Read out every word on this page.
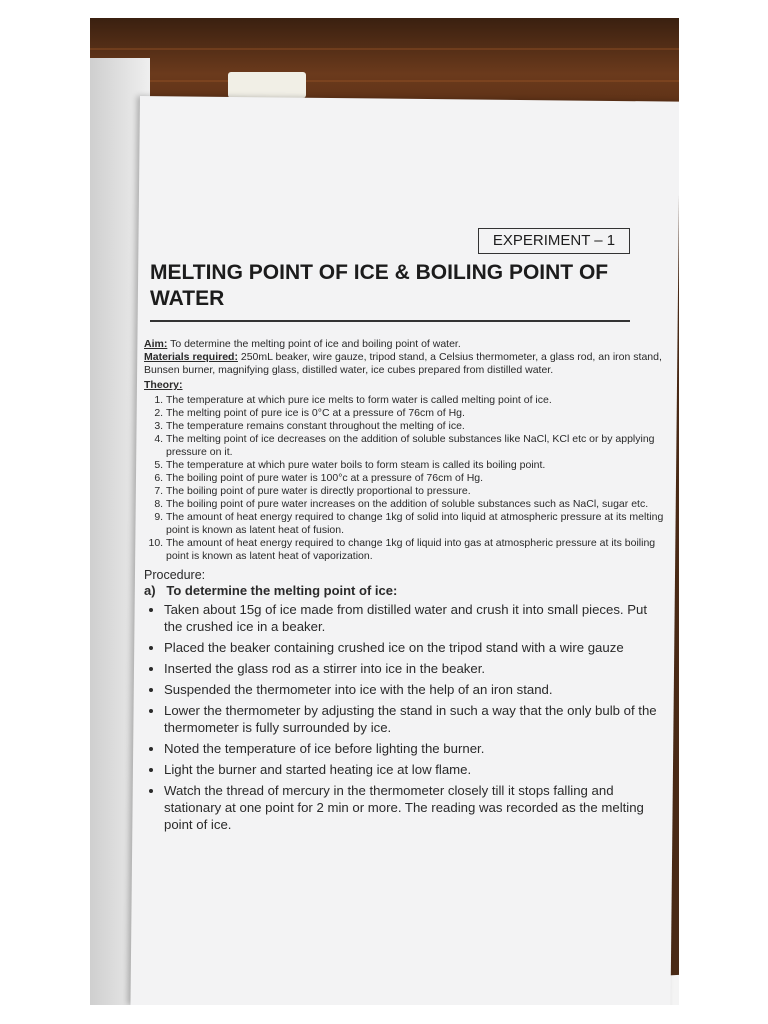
EXPERIMENT – 1
MELTING POINT OF ICE & BOILING POINT OF WATER
Aim: To determine the melting point of ice and boiling point of water.
Materials required: 250mL beaker, wire gauze, tripod stand, a Celsius thermometer, a glass rod, an iron stand, Bunsen burner, magnifying glass, distilled water, ice cubes prepared from distilled water.
Theory:
1. The temperature at which pure ice melts to form water is called melting point of ice.
2. The melting point of pure ice is 0°C at a pressure of 76cm of Hg.
3. The temperature remains constant throughout the melting of ice.
4. The melting point of ice decreases on the addition of soluble substances like NaCl, KCl etc or by applying pressure on it.
5. The temperature at which pure water boils to form steam is called its boiling point.
6. The boiling point of pure water is 100°c at a pressure of 76cm of Hg.
7. The boiling point of pure water is directly proportional to pressure.
8. The boiling point of pure water increases on the addition of soluble substances such as NaCl, sugar etc.
9. The amount of heat energy required to change 1kg of solid into liquid at atmospheric pressure at its melting point is known as latent heat of fusion.
10. The amount of heat energy required to change 1kg of liquid into gas at atmospheric pressure at its boiling point is known as latent heat of vaporization.
Procedure:
a) To determine the melting point of ice:
• Taken about 15g of ice made from distilled water and crush it into small pieces. Put the crushed ice in a beaker.
• Placed the beaker containing crushed ice on the tripod stand with a wire gauze
• Inserted the glass rod as a stirrer into ice in the beaker.
• Suspended the thermometer into ice with the help of an iron stand.
• Lower the thermometer by adjusting the stand in such a way that the only bulb of the thermometer is fully surrounded by ice.
• Noted the temperature of ice before lighting the burner.
• Light the burner and started heating ice at low flame.
• Watch the thread of mercury in the thermometer closely till it stops falling and stationary at one point for 2 min or more. The reading was recorded as the melting point of ice.
